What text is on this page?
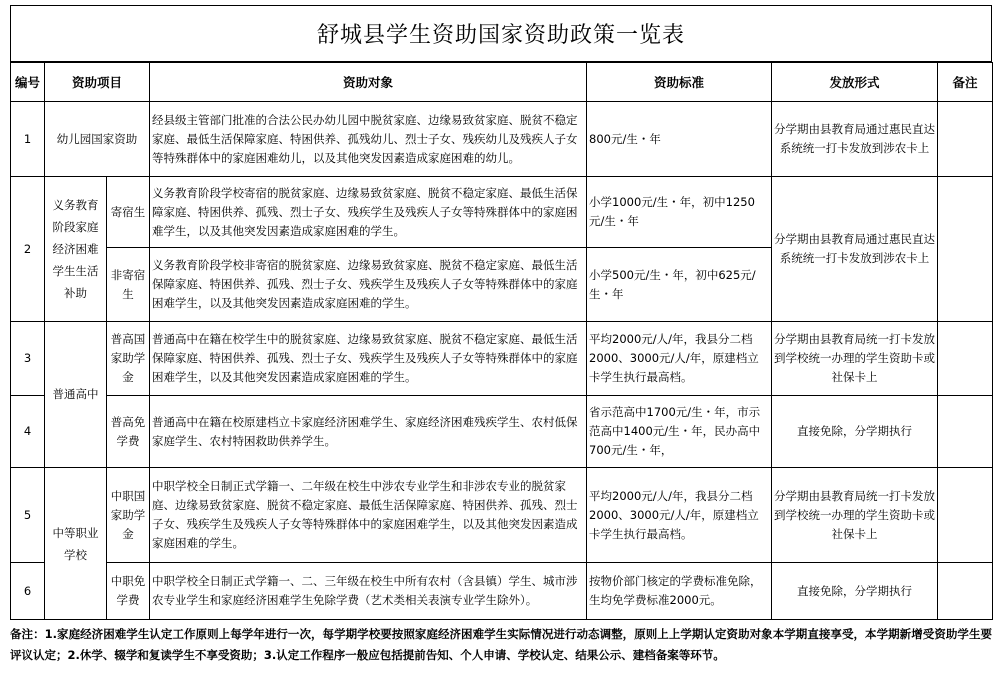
舒城县学生资助国家资助政策一览表
编号	资助项目		资助对象	资助标准	发放形式	备注
1	幼儿园国家资助		经县级主管部门批准的合法公民办幼儿园中脱贫家庭、边缘易致贫家庭、脱贫不稳定家庭、最低生活保障家庭、特困供养、孤残幼儿、烈士子女、残疾幼儿及残疾人子女等特殊群体中的家庭困难幼儿，以及其他突发因素造成家庭困难的幼儿。	800元/生・年	分学期由县教育局通过惠民直达系统统一打卡发放到涉农卡上	
2	义务教育阶段家庭经济困难学生生活补助	寄宿生	义务教育阶段学校寄宿的脱贫家庭、边缘易致贫家庭、脱贫不稳定家庭、最低生活保障家庭、特困供养、孤残、烈士子女、残疾学生及残疾人子女等特殊群体中的家庭困难学生，以及其他突发因素造成家庭困难的学生。	小学1000元/生・年，初中1250元/生・年	分学期由县教育局通过惠民直达系统统一打卡发放到涉农卡上	
		非寄宿生	义务教育阶段学校非寄宿的脱贫家庭、边缘易致贫家庭、脱贫不稳定家庭、最低生活保障家庭、特困供养、孤残、烈士子女、残疾学生及残疾人子女等特殊群体中的家庭困难学生，以及其他突发因素造成家庭困难的学生。	小学500元/生・年，初中625元/生・年		
3	普通高中	普高国家助学金	普通高中在籍在校学生中的脱贫家庭、边缘易致贫家庭、脱贫不稳定家庭、最低生活保障家庭、特困供养、孤残、烈士子女、残疾学生及残疾人子女等特殊群体中的家庭困难学生，以及其他突发因素造成家庭困难的学生。	平均2000元/人/年，我县分二档2000、3000元/人/年，原建档立卡学生执行最高档。	分学期由县教育局统一打卡发放到学校统一办理的学生资助卡或社保卡上	
4		普高免学费	普通高中在籍在校原建档立卡家庭经济困难学生、家庭经济困难残疾学生、农村低保家庭学生、农村特困救助供养学生。	省示范高中1700元/生・年，市示范高中1400元/生・年，民办高中700元/生・年，	直接免除，分学期执行	
5	中等职业学校	中职国家助学金	中职学校全日制正式学籍一、二年级在校生中涉农专业学生和非涉农专业的脱贫家庭、边缘易致贫家庭、脱贫不稳定家庭、最低生活保障家庭、特困供养、孤残、烈士子女、残疾学生及残疾人子女等特殊群体中的家庭困难学生，以及其他突发因素造成家庭困难的学生。	平均2000元/人/年，我县分二档2000、3000元/人/年，原建档立卡学生执行最高档。	分学期由县教育局统一打卡发放到学校统一办理的学生资助卡或社保卡上	
6		中职免学费	中职学校全日制正式学籍一、二、三年级在校生中所有农村（含县镇）学生、城市涉农专业学生和家庭经济困难学生免除学费（艺术类相关表演专业学生除外）。	按物价部门核定的学费标准免除，生均免学费标准2000元。	直接免除，分学期执行	
备注：1.家庭经济困难学生认定工作原则上每学年进行一次，每学期学校要按照家庭经济困难学生实际情况进行动态调整，原则上上学期认定资助对象本学期直接享受，本学期新增受资助学生要评议认定；2.休学、辍学和复读学生不享受资助；3.认定工作程序一般应包括提前告知、个人申请、学校认定、结果公示、建档备案等环节。
